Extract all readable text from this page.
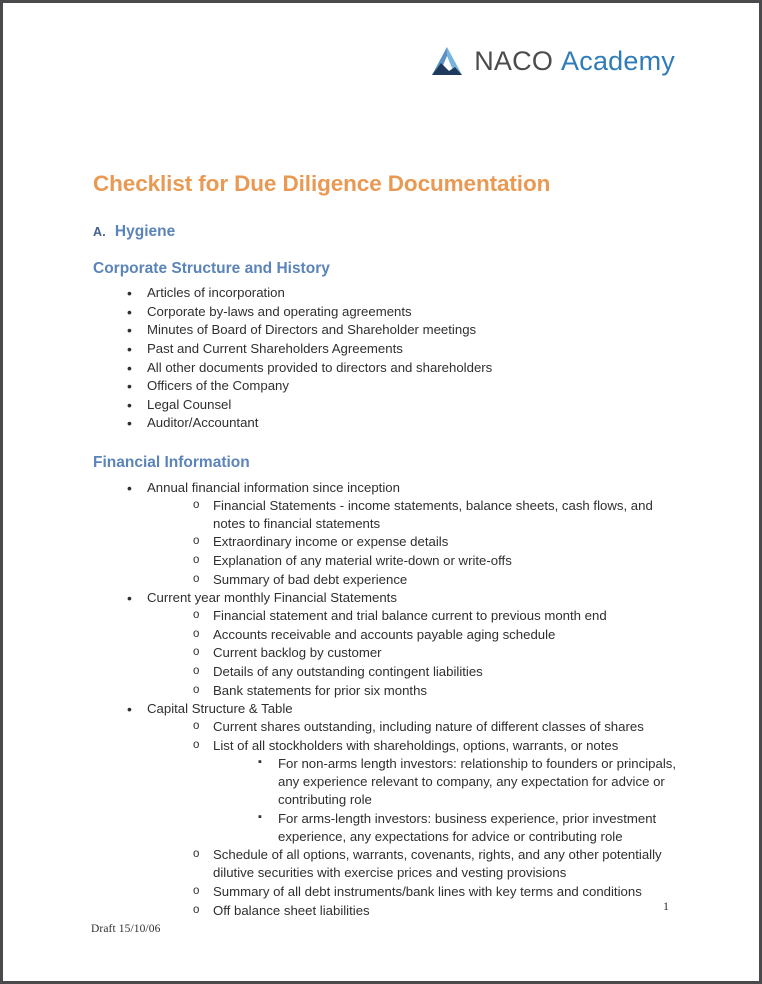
NACO Academy
Checklist for Due Diligence Documentation
A. Hygiene
Corporate Structure and History
• Articles of incorporation
• Corporate by-laws and operating agreements
• Minutes of Board of Directors and Shareholder meetings
• Past and Current Shareholders Agreements
• All other documents provided to directors and shareholders
• Officers of the Company
• Legal Counsel
• Auditor/Accountant
Financial Information
• Annual financial information since inception
o Financial Statements - income statements, balance sheets, cash flows, and notes to financial statements
o Extraordinary income or expense details
o Explanation of any material write-down or write-offs
o Summary of bad debt experience
• Current year monthly Financial Statements
o Financial statement and trial balance current to previous month end
o Accounts receivable and accounts payable aging schedule
o Current backlog by customer
o Details of any outstanding contingent liabilities
o Bank statements for prior six months
• Capital Structure & Table
o Current shares outstanding, including nature of different classes of shares
o List of all stockholders with shareholdings, options, warrants, or notes
▪ For non-arms length investors: relationship to founders or principals, any experience relevant to company, any expectation for advice or contributing role
▪ For arms-length investors: business experience, prior investment experience, any expectations for advice or contributing role
o Schedule of all options, warrants, covenants, rights, and any other potentially dilutive securities with exercise prices and vesting provisions
o Summary of all debt instruments/bank lines with key terms and conditions
o Off balance sheet liabilities
Draft 15/10/06
1
